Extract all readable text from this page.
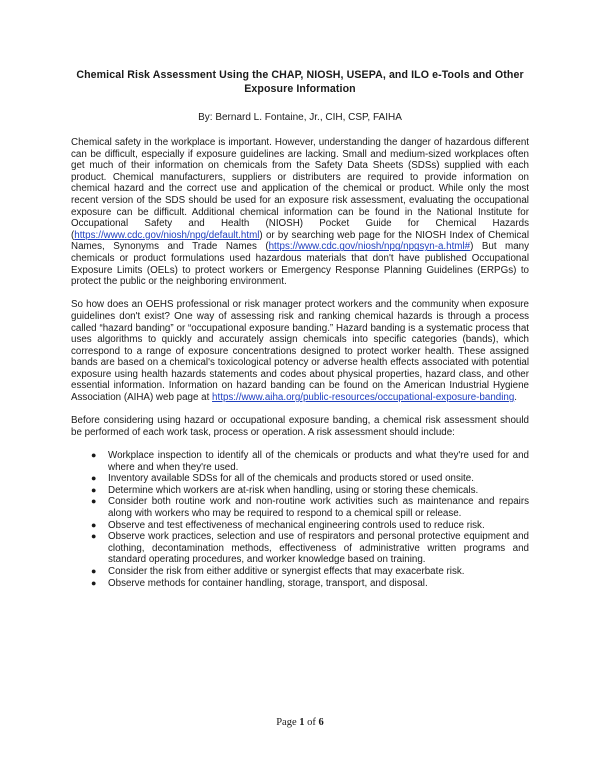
Chemical Risk Assessment Using the CHAP, NIOSH, USEPA, and ILO e-Tools and Other Exposure Information
By: Bernard L. Fontaine, Jr., CIH, CSP, FAIHA

Chemical safety in the workplace is important. However, understanding the danger of hazardous different can be difficult, especially if exposure guidelines are lacking. Small and medium-sized workplaces often get much of their information on chemicals from the Safety Data Sheets (SDSs) supplied with each product. Chemical manufacturers, suppliers or distributers are required to provide information on chemical hazard and the correct use and application of the chemical or product. While only the most recent version of the SDS should be used for an exposure risk assessment, evaluating the occupational exposure can be difficult. Additional chemical information can be found in the National Institute for Occupational Safety and Health (NIOSH) Pocket Guide for Chemical Hazards (https://www.cdc.gov/niosh/npg/default.html) or by searching web page for the NIOSH Index of Chemical Names, Synonyms and Trade Names (https://www.cdc.gov/niosh/npg/npgsyn-a.html#) But many chemicals or product formulations used hazardous materials that don't have published Occupational Exposure Limits (OELs) to protect workers or Emergency Response Planning Guidelines (ERPGs) to protect the public or the neighboring environment.

So how does an OEHS professional or risk manager protect workers and the community when exposure guidelines don't exist? One way of assessing risk and ranking chemical hazards is through a process called “hazard banding” or “occupational exposure banding.” Hazard banding is a systematic process that uses algorithms to quickly and accurately assign chemicals into specific categories (bands), which correspond to a range of exposure concentrations designed to protect worker health. These assigned bands are based on a chemical's toxicological potency or adverse health effects associated with potential exposure using health hazards statements and codes about physical properties, hazard class, and other essential information. Information on hazard banding can be found on the American Industrial Hygiene Association (AIHA) web page at https://www.aiha.org/public-resources/occupational-exposure-banding.

Before considering using hazard or occupational exposure banding, a chemical risk assessment should be performed of each work task, process or operation. A risk assessment should include:

● Workplace inspection to identify all of the chemicals or products and what they're used for and where and when they're used.
● Inventory available SDSs for all of the chemicals and products stored or used onsite.
● Determine which workers are at-risk when handling, using or storing these chemicals.
● Consider both routine work and non-routine work activities such as maintenance and repairs along with workers who may be required to respond to a chemical spill or release.
● Observe and test effectiveness of mechanical engineering controls used to reduce risk.
● Observe work practices, selection and use of respirators and personal protective equipment and clothing, decontamination methods, effectiveness of administrative written programs and standard operating procedures, and worker knowledge based on training.
● Consider the risk from either additive or synergist effects that may exacerbate risk.
● Observe methods for container handling, storage, transport, and disposal.
Page 1 of 6
